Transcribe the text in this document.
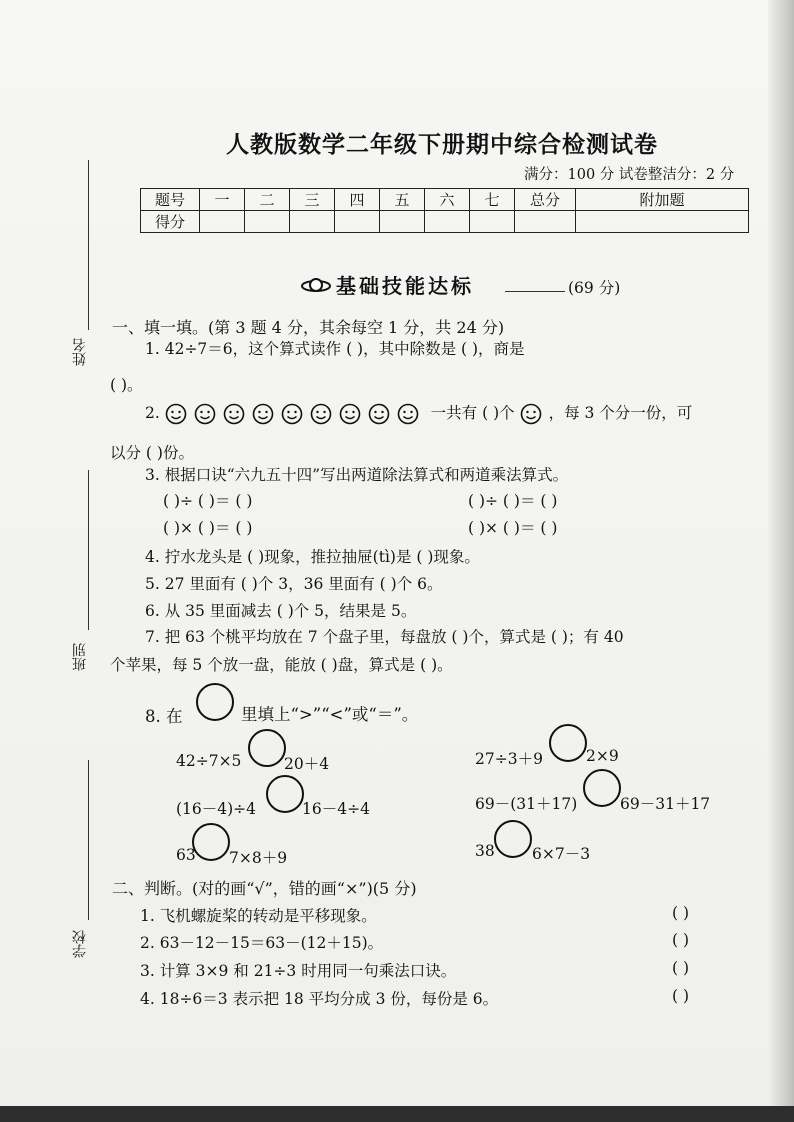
姓名
班别
学校
人教版数学二年级下册期中综合检测试卷
满分：100 分 试卷整洁分：2 分
题号	一	二	三	四	五	六	七	总分	附加题
得分									
基础技能达标	(69 分)
一、填一填。(第 3 题 4 分，其余每空 1 分，共 24 分)
1. 42÷7＝6，这个算式读作 ( )，其中除数是 ( )，商是
( )。
2.	一共有 ( )个 ，每 3 个分一份，可
以分 ( )份。
3. 根据口诀“六九五十四”写出两道除法算式和两道乘法算式。
( )÷ ( )＝ ( )	( )÷ ( )＝ ( )
( )× ( )＝ ( )	( )× ( )＝ ( )
4. 拧水龙头是 ( )现象，推拉抽屉(tì)是 ( )现象。
5. 27 里面有 ( )个 3，36 里面有 ( )个 6。
6. 从 35 里面减去 ( )个 5，结果是 5。
7. 把 63 个桃平均放在 7 个盘子里，每盘放 ( )个，算式是 ( )；有 40
个苹果，每 5 个放一盘，能放 ( )盘，算式是 ( )。
8. 在	里填上“>”“<”或“＝”。
42÷7×5	20＋4	27÷3＋9	2×9
(16－4)÷4	16－4÷4	69－(31＋17)	69－31＋17
63 7×8＋9	38 6×7－3
二、判断。(对的画“√”，错的画“×”)(5 分)
1. 飞机螺旋桨的转动是平移现象。	( )
2. 63－12－15＝63－(12＋15)。	( )
3. 计算 3×9 和 21÷3 时用同一句乘法口诀。	( )
4. 18÷6＝3 表示把 18 平均分成 3 份，每份是 6。	( )
